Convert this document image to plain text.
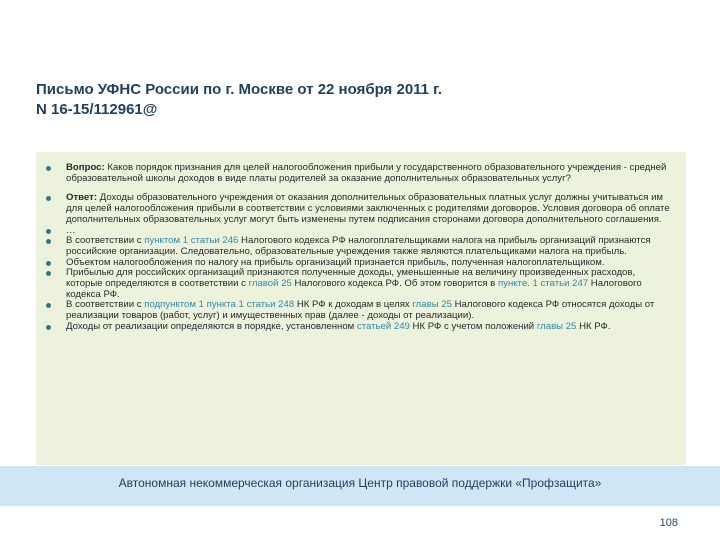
Письмо УФНС России по г. Москве от 22 ноября 2011 г.
N 16-15/112961@
Вопрос: Каков порядок признания для целей налогообложения прибыли у государственного образовательного учреждения - средней образовательной школы доходов в виде платы родителей за оказание дополнительных образовательных услуг?
Ответ: Доходы образовательного учреждения от оказания дополнительных образовательных платных услуг должны учитываться им для целей налогообложения прибыли в соответствии с условиями заключенных с родителями договоров. Условия договора об оплате дополнительных образовательных услуг могут быть изменены путем подписания сторонами договора дополнительного соглашения.
…
В соответствии с пунктом 1 статьи 246 Налогового кодекса РФ налогоплательщиками налога на прибыль организаций признаются российские организации. Следовательно, образовательные учреждения также являются плательщиками налога на прибыль.
Объектом налогообложения по налогу на прибыль организаций признается прибыль, полученная налогоплательщиком.
Прибылью для российских организаций признаются полученные доходы, уменьшенные на величину произведенных расходов, которые определяются в соответствии с главой 25 Налогового кодекса РФ. Об этом говорится в пункте. 1 статьи 247 Налогового кодекса РФ.
В соответствии с подпунктом 1 пункта 1 статьи 248 НК РФ к доходам в целях главы 25 Налогового кодекса РФ относятся доходы от реализации товаров (работ, услуг) и имущественных прав (далее - доходы от реализации).
Доходы от реализации определяются в порядке, установленном статьей 249 НК РФ с учетом положений главы 25 НК РФ.
Автономная некоммерческая организация Центр правовой поддержки «Профзащита»
108
